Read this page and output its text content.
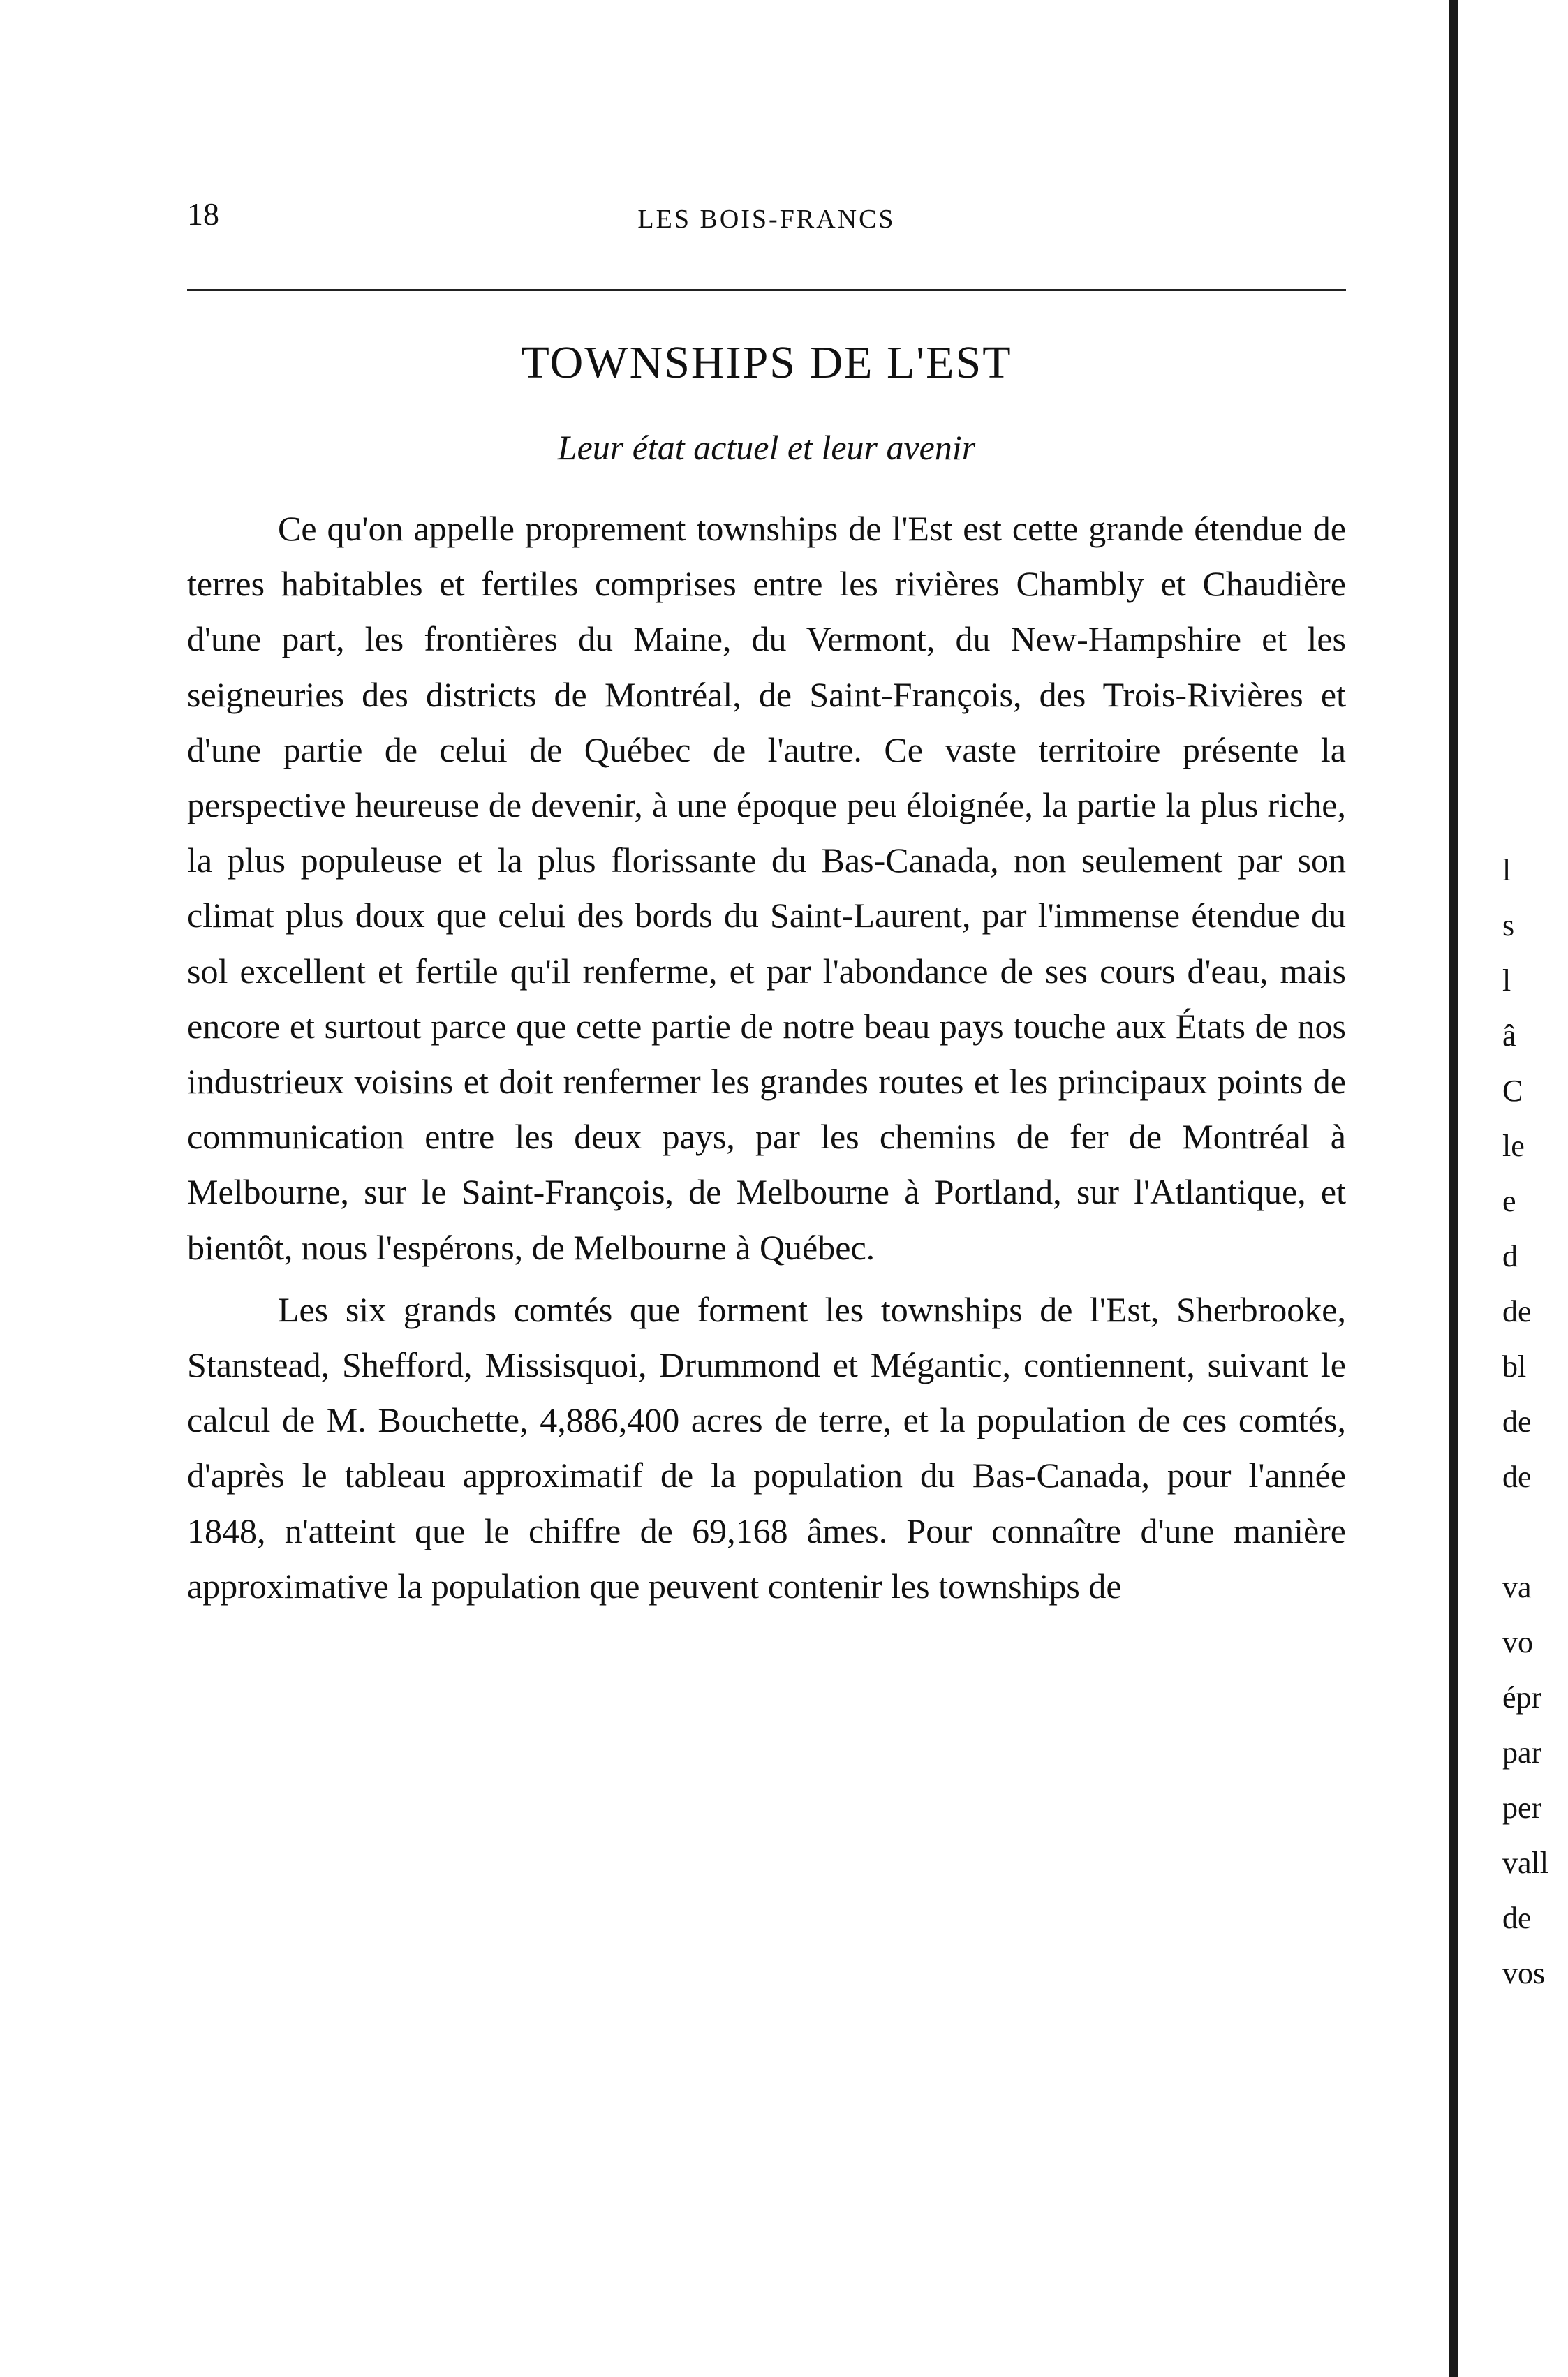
18	LES BOIS-FRANCS
TOWNSHIPS DE L'EST
Leur état actuel et leur avenir

Ce qu'on appelle proprement townships de l'Est est cette grande étendue de terres habitables et fertiles comprises entre les rivières Chambly et Chaudière d'une part, les frontières du Maine, du Vermont, du New-Hampshire et les seigneuries des districts de Montréal, de Saint-François, des Trois-Rivières et d'une partie de celui de Québec de l'autre. Ce vaste territoire présente la perspective heureuse de devenir, à une époque peu éloignée, la partie la plus riche, la plus populeuse et la plus florissante du Bas-Canada, non seulement par son climat plus doux que celui des bords du Saint-Laurent, par l'immense étendue du sol excellent et fertile qu'il renferme, et par l'abondance de ses cours d'eau, mais encore et surtout parce que cette partie de notre beau pays touche aux États de nos industrieux voisins et doit renfermer les grandes routes et les principaux points de communication entre les deux pays, par les chemins de fer de Montréal à Melbourne, sur le Saint-François, de Melbourne à Portland, sur l'Atlantique, et bientôt, nous l'espérons, de Melbourne à Québec.

Les six grands comtés que forment les townships de l'Est, Sherbrooke, Stanstead, Shefford, Missisquoi, Drummond et Mégantic, contiennent, suivant le calcul de M. Bouchette, 4,886,400 acres de terre, et la population de ces comtés, d'après le tableau approximatif de la population du Bas-Canada, pour l'année 1848, n'atteint que le chiffre de 69,168 âmes. Pour connaître d'une manière approximative la population que peuvent contenir les townships de

l
s
l
â
C
le
e
d
de
bl
de
de
va
vo
épr
par
per
vall
de
vos
